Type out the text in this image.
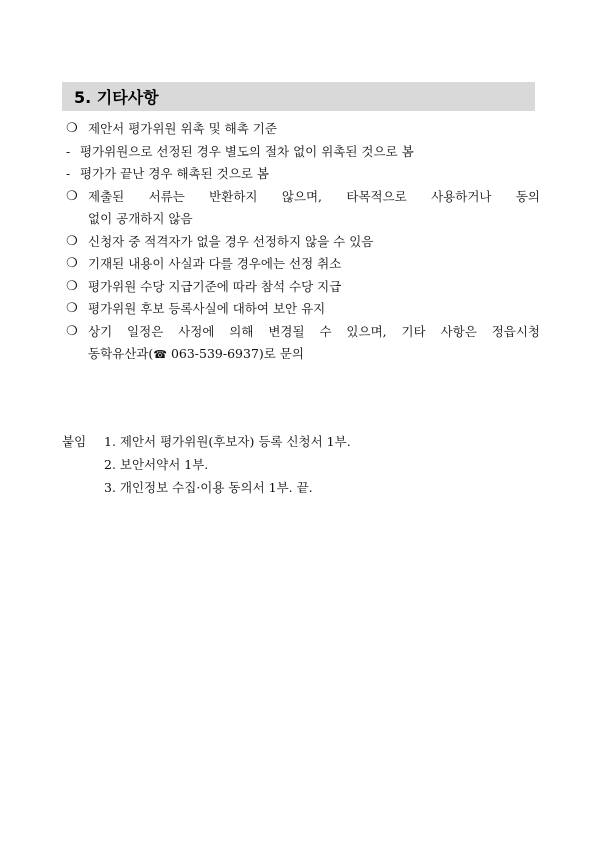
5. 기타사항
❍ 제안서 평가위원 위촉 및 해촉 기준
- 평가위원으로 선정된 경우 별도의 절차 없이 위촉된 것으로 봄
- 평가가 끝난 경우 해촉된 것으로 봄
❍ 제출된 서류는 반환하지 않으며, 타목적으로 사용하거나 동의
없이 공개하지 않음
❍ 신청자 중 적격자가 없을 경우 선정하지 않을 수 있음
❍ 기재된 내용이 사실과 다를 경우에는 선정 취소
❍ 평가위원 수당 지급기준에 따라 참석 수당 지급
❍ 평가위원 후보 등록사실에 대하여 보안 유지
❍ 상기 일정은 사정에 의해 변경될 수 있으며, 기타 사항은 정읍시청
동학유산과(☎ 063-539-6937)로 문의
붙임	1. 제안서 평가위원(후보자) 등록 신청서 1부.
2. 보안서약서 1부.
3. 개인정보 수집·이용 동의서 1부. 끝.
